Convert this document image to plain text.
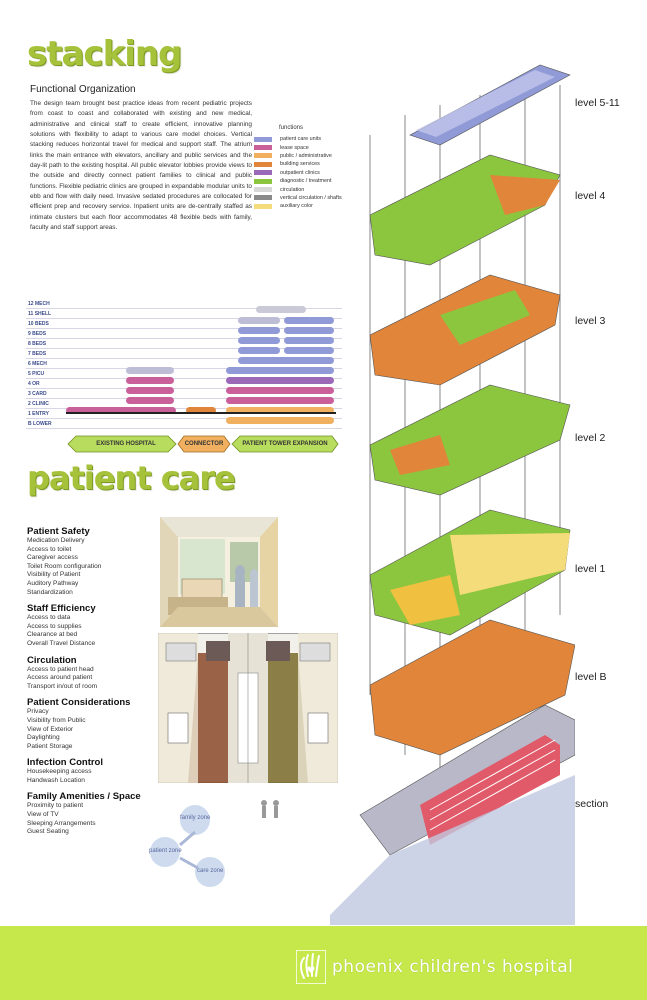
stacking
Functional Organization
The design team brought best practice ideas from recent pediatric projects from coast to coast and collaborated with existing and new medical, administrative and clinical staff to create efficient, innovative planning solutions with flexibility to adapt to various care model choices. Vertical stacking reduces horizontal travel for medical and support staff. The atrium links the main entrance with elevators, ancillary and public services and the day-lit path to the existing hospital. All public elevator lobbies provide views to the outside and directly connect patient families to clinical and public functions. Flexible pediatric clinics are grouped in expandable modular units to ebb and flow with daily need. Invasive sedated procedures are collocated for efficient prep and recovery service. Inpatient units are de-centrally staffed as intimate clusters but each floor accommodates 48 flexible beds with family, faculty and staff support areas.
functions
patient care units
lease space
public / administrative
building services
outpatient clinics
diagnostic / treatment
circulation
vertical circulation / shafts
auxiliary color
12 MECH
11 SHELL
10 BEDS
9 BEDS
8 BEDS
7 BEDS
6 MECH
5 PICU
4 OR
3 CARD
2 CLINIC
1 ENTRY
B LOWER
EXISTING HOSPITAL	CONNECTOR	PATIENT TOWER EXPANSION
patient care
Patient Safety
Medication Delivery
Access to toilet
Caregiver access
Toilet Room configuration
Visibility of Patient
Auditory Pathway
Standardization
Staff Efficiency
Access to data
Access to supplies
Clearance at bed
Overall Travel Distance
Circulation
Access to patient head
Access around patient
Transport in/out of room
Patient Considerations
Privacy
Visibility from Public
View of Exterior
Daylighting
Patient Storage
Infection Control
Housekeeping access
Handwash Location
Family Amenities / Space
Proximity to patient
View of TV
Sleeping Arrangements
Guest Seating
family zone
patient zone
care zone
level 5-11
level 4
level 3
level 2
level 1
level B
section
phoenix children's hospital
